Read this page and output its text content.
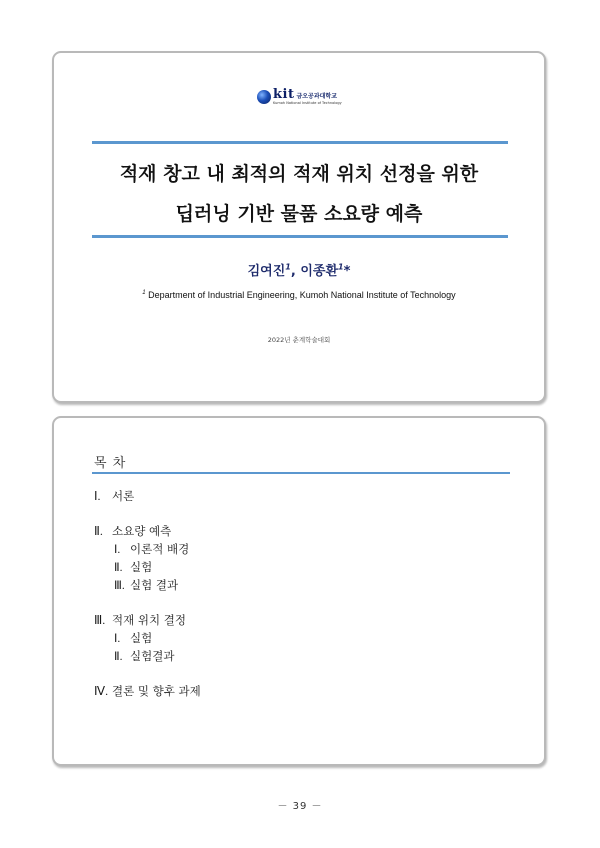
kit 금오공과대학교
Kumoh National Institute of Technology
적재 창고 내 최적의 적재 위치 선정을 위한
딥러닝 기반 물품 소요량 예측
김여진$^1$, 이종환$^1$*
$^1$ Department of Industrial Engineering, Kumoh National Institute of Technology
2022년 춘계학술대회
목 차
Ⅰ. 서론
Ⅱ. 소요량 예측
Ⅰ. 이론적 배경
Ⅱ. 실험
Ⅲ. 실험 결과
Ⅲ. 적재 위치 결정
Ⅰ. 실험
Ⅱ. 실험결과
Ⅳ. 결론 및 향후 과제
－ 39 －
